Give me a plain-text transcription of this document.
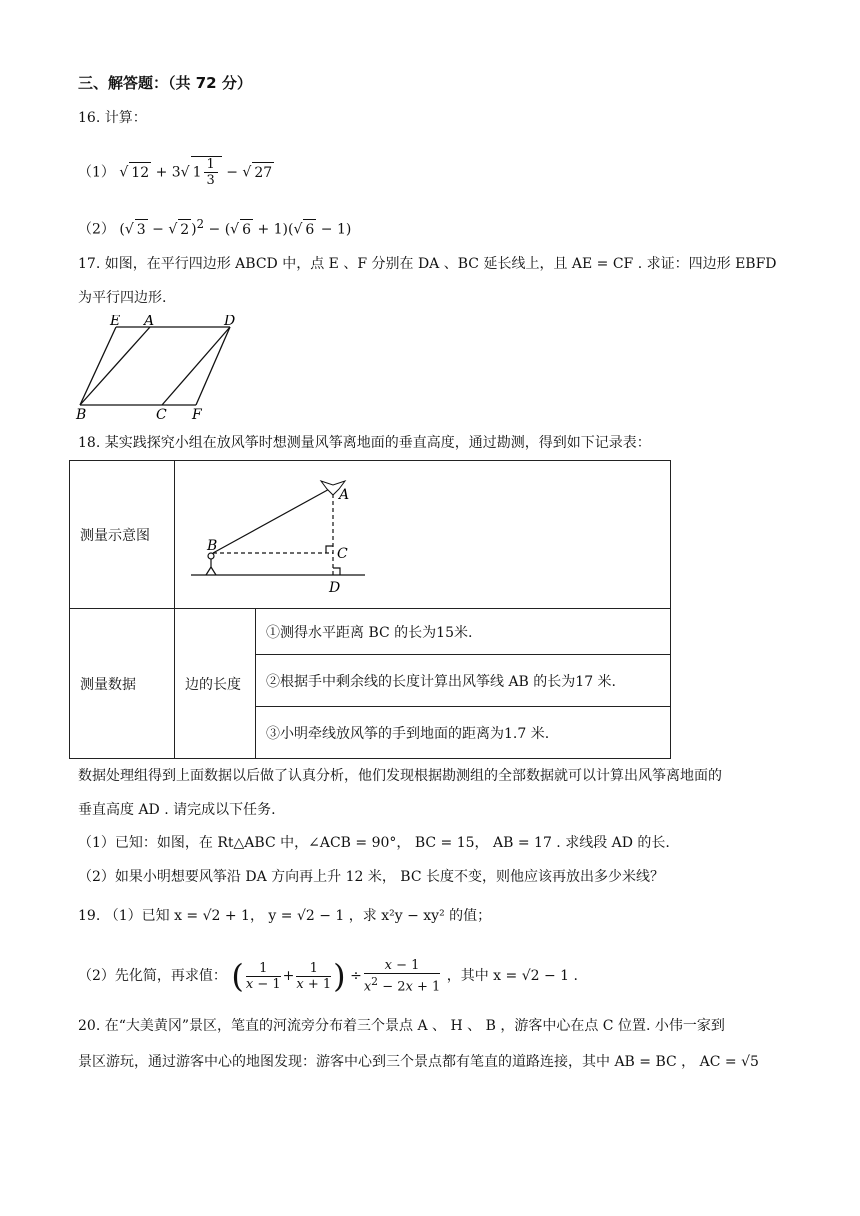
三、解答题：（共 72 分）
16. 计算：
（1） √ 12 + 3√ $1 \frac{1}{3}$ − √ 27
（2） (√ 3 − √ 2 )$^2$ − (√ 6 + 1)(√ 6 − 1)
17. 如图，在平行四边形 ABCD 中，点 E 、F 分别在 DA 、BC 延长线上，且 AE = CF . 求证：四边形 EBFD
为平行四边形.
E A	D
B	C F
18. 某实践探究小组在放风筝时想测量风筝离地面的垂直高度，通过勘测，得到如下记录表：
测量示意图	A
B C
D	

测量数据	边的长度	①测得水平距离 BC 的长为15米.
		②根据手中剩余线的长度计算出风筝线 AB 的长为17 米.
		③小明牵线放风筝的手到地面的距离为1.7 米.
数据处理组得到上面数据以后做了认真分析，他们发现根据勘测组的全部数据就可以计算出风筝离地面的
垂直高度 AD . 请完成以下任务.
（1）已知：如图，在 Rt△ABC 中，∠ACB = 90°， BC = 15， AB = 17 . 求线段 AD 的长.
（2）如果小明想要风筝沿 DA 方向再上升 12 米， BC 长度不变，则他应该再放出多少米线？
19. （1）已知 x = √2 + 1， y = √2 − 1 ，求 x²y − xy² 的值；
（2）先化简，再求值： ( $\frac{1}{x - 1} + \frac{1}{x + 1}$ ) ÷ $\frac{x - 1}{x^2 - 2x + 1}$ ，其中 x = √2 − 1 .
20. 在“大美黄冈”景区，笔直的河流旁分布着三个景点 A 、 H 、 B ，游客中心在点 C 位置. 小伟一家到
景区游玩，通过游客中心的地图发现：游客中心到三个景点都有笔直的道路连接，其中 AB = BC ， AC = √5
